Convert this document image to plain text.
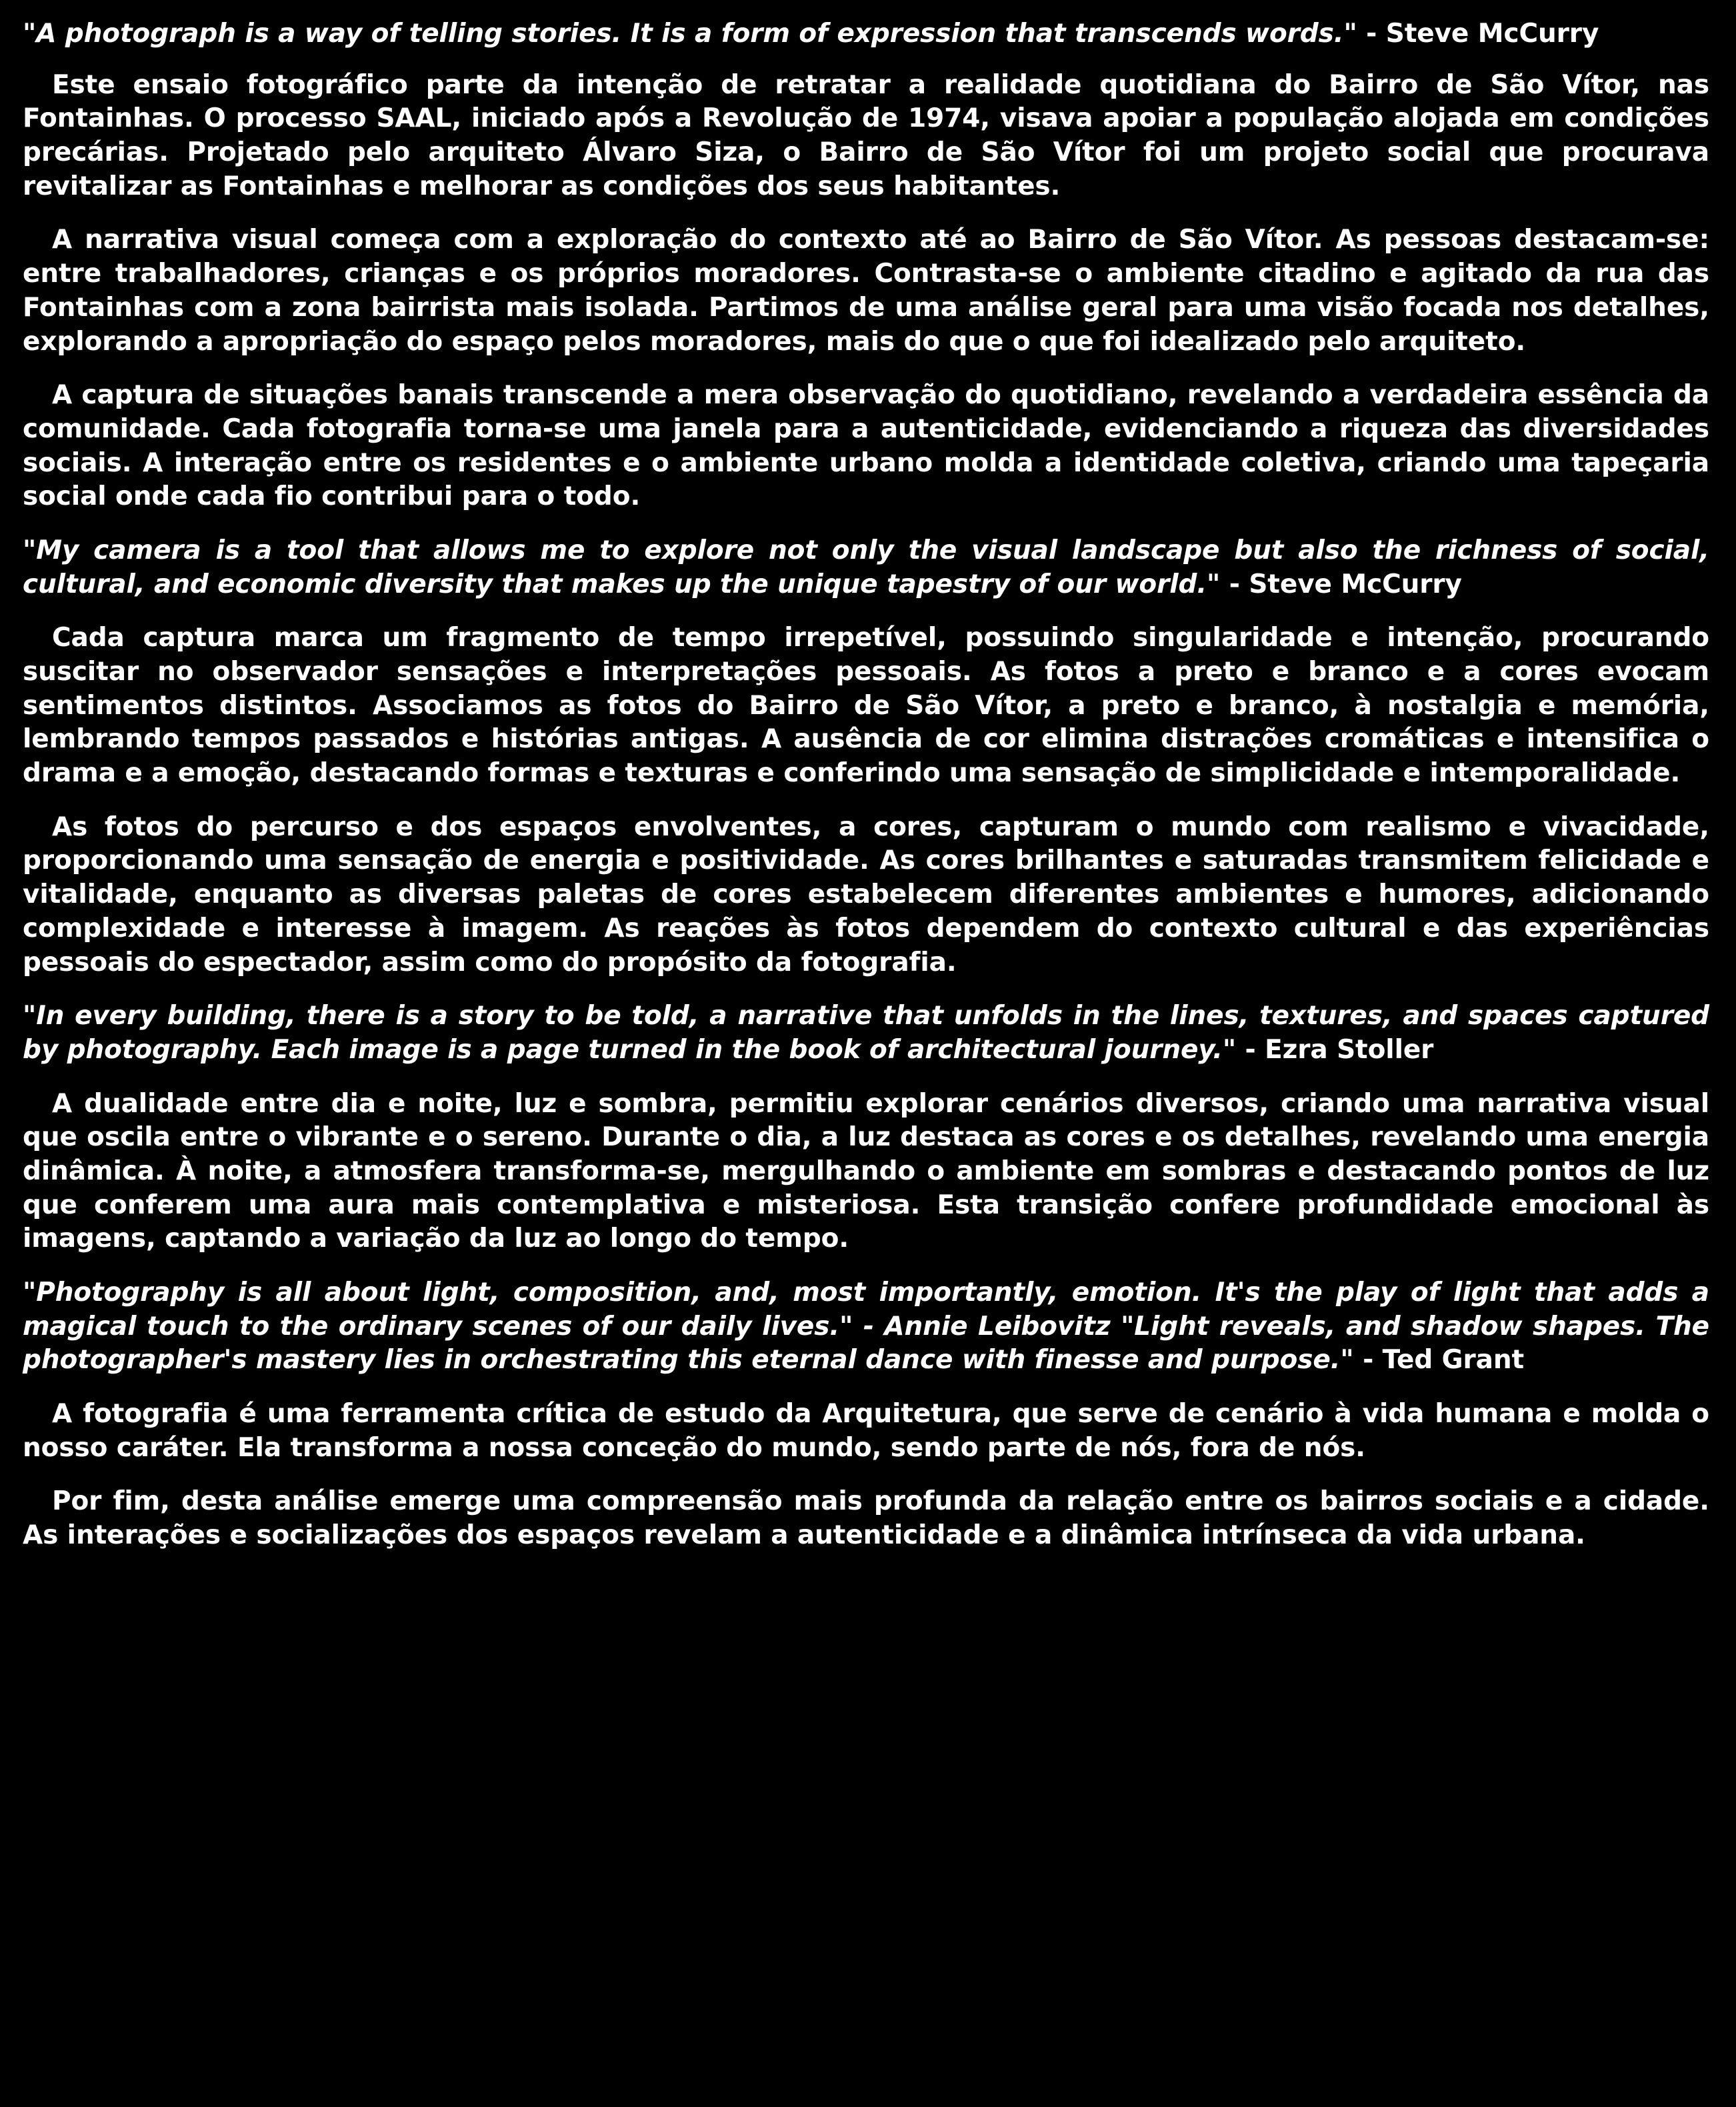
"A photograph is a way of telling stories. It is a form of expression that transcends words." - Steve McCurry

Este ensaio fotográfico parte da intenção de retratar a realidade quotidiana do Bairro de São Vítor, nas Fontainhas. O processo SAAL, iniciado após a Revolução de 1974, visava apoiar a população alojada em condições precárias. Projetado pelo arquiteto Álvaro Siza, o Bairro de São Vítor foi um projeto social que procurava revitalizar as Fontainhas e melhorar as condições dos seus habitantes.

A narrativa visual começa com a exploração do contexto até ao Bairro de São Vítor. As pessoas destacam-se: entre trabalhadores, crianças e os próprios moradores. Contrasta-se o ambiente citadino e agitado da rua das Fontainhas com a zona bairrista mais isolada. Partimos de uma análise geral para uma visão focada nos detalhes, explorando a apropriação do espaço pelos moradores, mais do que o que foi idealizado pelo arquiteto.

A captura de situações banais transcende a mera observação do quotidiano, revelando a verdadeira essência da comunidade. Cada fotografia torna-se uma janela para a autenticidade, evidenciando a riqueza das diversidades sociais. A interação entre os residentes e o ambiente urbano molda a identidade coletiva, criando uma tapeçaria social onde cada fio contribui para o todo.

"My camera is a tool that allows me to explore not only the visual landscape but also the richness of social, cultural, and economic diversity that makes up the unique tapestry of our world." - Steve McCurry

Cada captura marca um fragmento de tempo irrepetível, possuindo singularidade e intenção, procurando suscitar no observador sensações e interpretações pessoais. As fotos a preto e branco e a cores evocam sentimentos distintos. Associamos as fotos do Bairro de São Vítor, a preto e branco, à nostalgia e memória, lembrando tempos passados e histórias antigas. A ausência de cor elimina distrações cromáticas e intensifica o drama e a emoção, destacando formas e texturas e conferindo uma sensação de simplicidade e intemporalidade.

As fotos do percurso e dos espaços envolventes, a cores, capturam o mundo com realismo e vivacidade, proporcionando uma sensação de energia e positividade. As cores brilhantes e saturadas transmitem felicidade e vitalidade, enquanto as diversas paletas de cores estabelecem diferentes ambientes e humores, adicionando complexidade e interesse à imagem. As reações às fotos dependem do contexto cultural e das experiências pessoais do espectador, assim como do propósito da fotografia.

"In every building, there is a story to be told, a narrative that unfolds in the lines, textures, and spaces captured by photography. Each image is a page turned in the book of architectural journey." - Ezra Stoller

A dualidade entre dia e noite, luz e sombra, permitiu explorar cenários diversos, criando uma narrativa visual que oscila entre o vibrante e o sereno. Durante o dia, a luz destaca as cores e os detalhes, revelando uma energia dinâmica. À noite, a atmosfera transforma-se, mergulhando o ambiente em sombras e destacando pontos de luz que conferem uma aura mais contemplativa e misteriosa. Esta transição confere profundidade emocional às imagens, captando a variação da luz ao longo do tempo.

"Photography is all about light, composition, and, most importantly, emotion. It's the play of light that adds a magical touch to the ordinary scenes of our daily lives." - Annie Leibovitz "Light reveals, and shadow shapes. The photographer's mastery lies in orchestrating this eternal dance with finesse and purpose." - Ted Grant

A fotografia é uma ferramenta crítica de estudo da Arquitetura, que serve de cenário à vida humana e molda o nosso caráter. Ela transforma a nossa conceção do mundo, sendo parte de nós, fora de nós.

Por fim, desta análise emerge uma compreensão mais profunda da relação entre os bairros sociais e a cidade. As interações e socializações dos espaços revelam a autenticidade e a dinâmica intrínseca da vida urbana.
